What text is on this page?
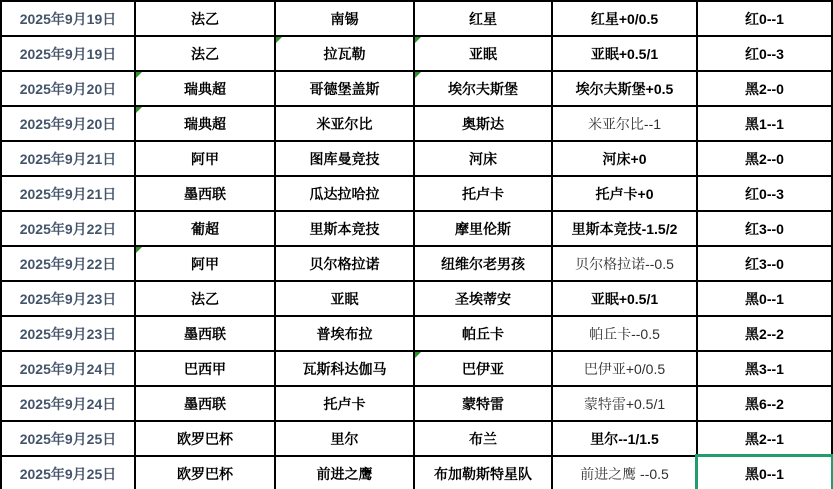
2025年9月19日	法乙	南锡	红星	红星+0/0.5	红0--1
2025年9月19日	法乙	拉瓦勒	亚眠	亚眠+0.5/1	红0--3
2025年9月20日	瑞典超	哥德堡盖斯	埃尔夫斯堡	埃尔夫斯堡+0.5	黑2--0
2025年9月20日	瑞典超	米亚尔比	奥斯达	米亚尔比--1	黑1--1
2025年9月21日	阿甲	图库曼竞技	河床	河床+0	黑2--0
2025年9月21日	墨西联	瓜达拉哈拉	托卢卡	托卢卡+0	红0--3
2025年9月22日	葡超	里斯本竞技	摩里伦斯	里斯本竞技-1.5/2	红3--0
2025年9月22日	阿甲	贝尔格拉诺	纽维尔老男孩	贝尔格拉诺--0.5	红3--0
2025年9月23日	法乙	亚眠	圣埃蒂安	亚眠+0.5/1	黑0--1
2025年9月23日	墨西联	普埃布拉	帕丘卡	帕丘卡--0.5	黑2--2
2025年9月24日	巴西甲	瓦斯科达伽马	巴伊亚	巴伊亚+0/0.5	黑3--1
2025年9月24日	墨西联	托卢卡	蒙特雷	蒙特雷+0.5/1	黑6--2
2025年9月25日	欧罗巴杯	里尔	布兰	里尔--1/1.5	黑2--1
2025年9月25日	欧罗巴杯	前进之鹰	布加勒斯特星队	前进之鹰 --0.5	黑0--1
